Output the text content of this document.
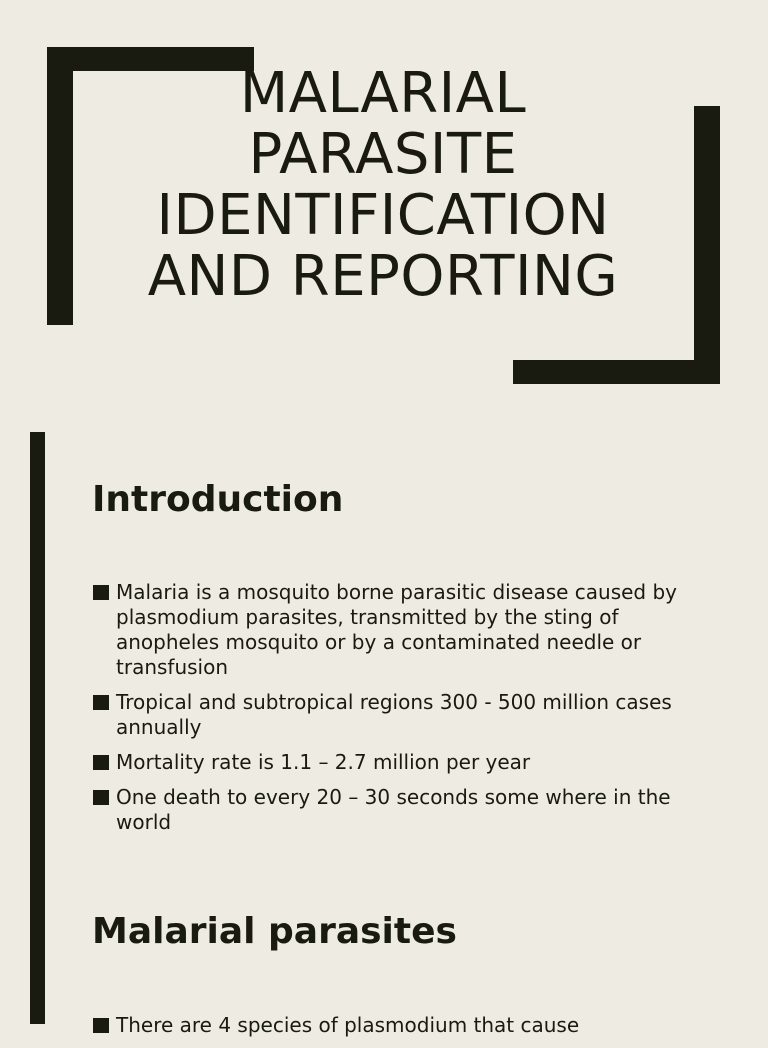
MALARIAL
PARASITE
IDENTIFICATION
AND REPORTING
Introduction
Malaria is a mosquito borne parasitic disease caused by plasmodium parasites, transmitted by the sting of anopheles mosquito or by a contaminated needle or transfusion
Tropical and subtropical regions 300 - 500 million cases annually
Mortality rate is 1.1 – 2.7 million per year
One death to every 20 – 30 seconds some where in the world
Malarial parasites
There are 4 species of plasmodium that cause
